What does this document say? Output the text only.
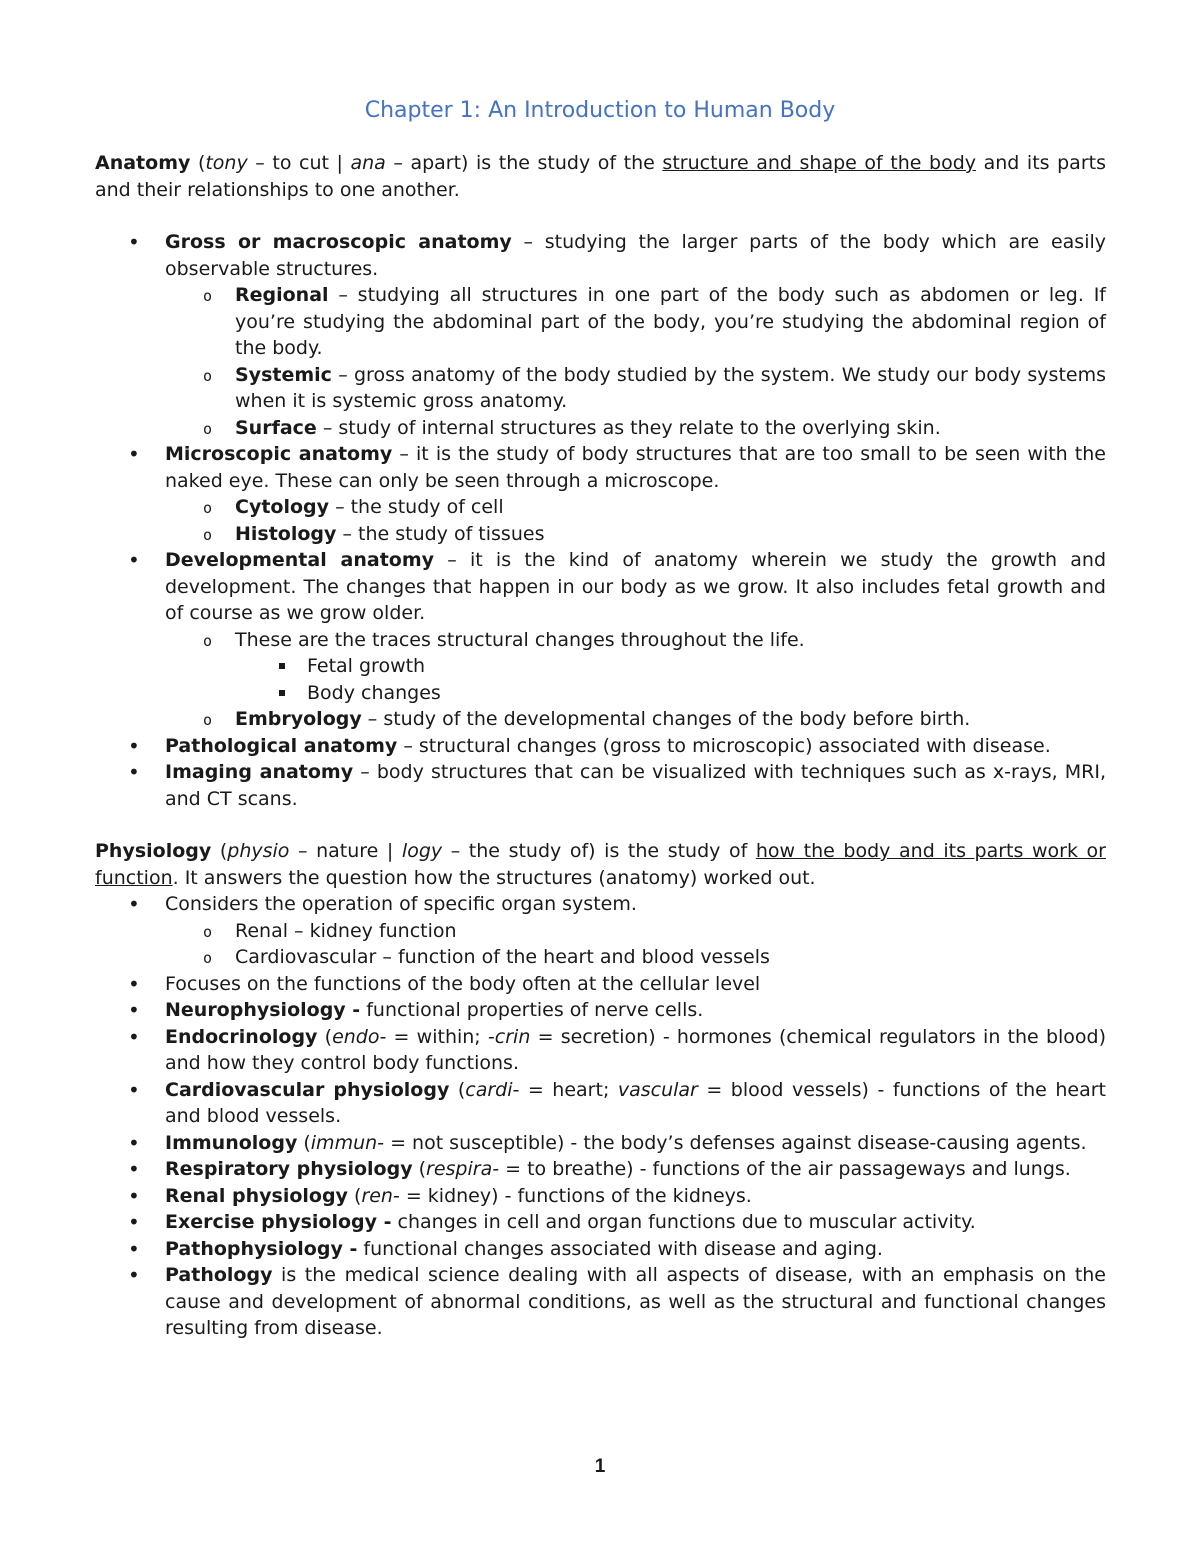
Chapter 1: An Introduction to Human Body

Anatomy (tony – to cut | ana – apart) is the study of the structure and shape of the body and its parts and their relationships to one another.

• Gross or macroscopic anatomy – studying the larger parts of the body which are easily observable structures.
o Regional – studying all structures in one part of the body such as abdomen or leg. If you’re studying the abdominal part of the body, you’re studying the abdominal region of the body.
o Systemic – gross anatomy of the body studied by the system. We study our body systems when it is systemic gross anatomy.
o Surface – study of internal structures as they relate to the overlying skin.
• Microscopic anatomy – it is the study of body structures that are too small to be seen with the naked eye. These can only be seen through a microscope.
o Cytology – the study of cell
o Histology – the study of tissues
• Developmental anatomy – it is the kind of anatomy wherein we study the growth and development. The changes that happen in our body as we grow. It also includes fetal growth and of course as we grow older.
o These are the traces structural changes throughout the life.
Fetal growth
Body changes
o Embryology – study of the developmental changes of the body before birth.
• Pathological anatomy – structural changes (gross to microscopic) associated with disease.
• Imaging anatomy – body structures that can be visualized with techniques such as x-rays, MRI, and CT scans.

Physiology (physio – nature | logy – the study of) is the study of how the body and its parts work or function. It answers the question how the structures (anatomy) worked out.

• Considers the operation of specific organ system.
o Renal – kidney function
o Cardiovascular – function of the heart and blood vessels
• Focuses on the functions of the body often at the cellular level
• Neurophysiology - functional properties of nerve cells.
• Endocrinology (endo- = within; -crin = secretion) - hormones (chemical regulators in the blood) and how they control body functions.
• Cardiovascular physiology (cardi- = heart; vascular = blood vessels) - functions of the heart and blood vessels.
• Immunology (immun- = not susceptible) - the body’s defenses against disease-causing agents.
• Respiratory physiology (respira- = to breathe) - functions of the air passageways and lungs.
• Renal physiology (ren- = kidney) - functions of the kidneys.
• Exercise physiology - changes in cell and organ functions due to muscular activity.
• Pathophysiology - functional changes associated with disease and aging.
• Pathology is the medical science dealing with all aspects of disease, with an emphasis on the cause and development of abnormal conditions, as well as the structural and functional changes resulting from disease.
1
